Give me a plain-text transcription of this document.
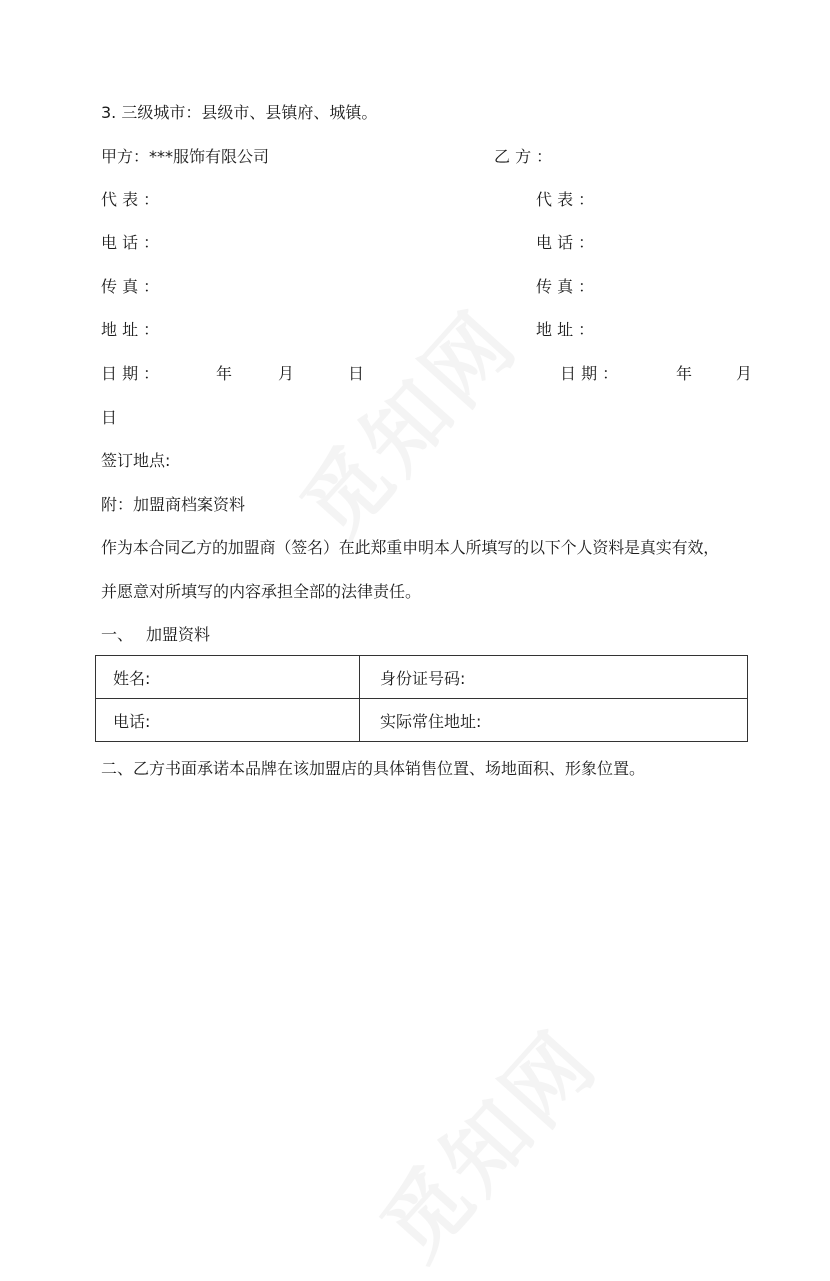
3. 三级城市：县级市、县镇府、城镇。
甲方：***服饰有限公司	乙 方 ：
代 表 ：	代 表 ：
电 话 ：	电 话 ：
传 真 ：	传 真 ：
地 址 ：	地 址 ：
日 期 ：	年	月	日	日 期 ：	年	月
日
签订地点:
附：加盟商档案资料
作为本合同乙方的加盟商（签名）在此郑重申明本人所填写的以下个人资料是真实有效，
并愿意对所填写的内容承担全部的法律责任。
一、 加盟资料
姓名:	身份证号码:
电话:	实际常住地址:
二、乙方书面承诺本品牌在该加盟店的具体销售位置、场地面积、形象位置。
